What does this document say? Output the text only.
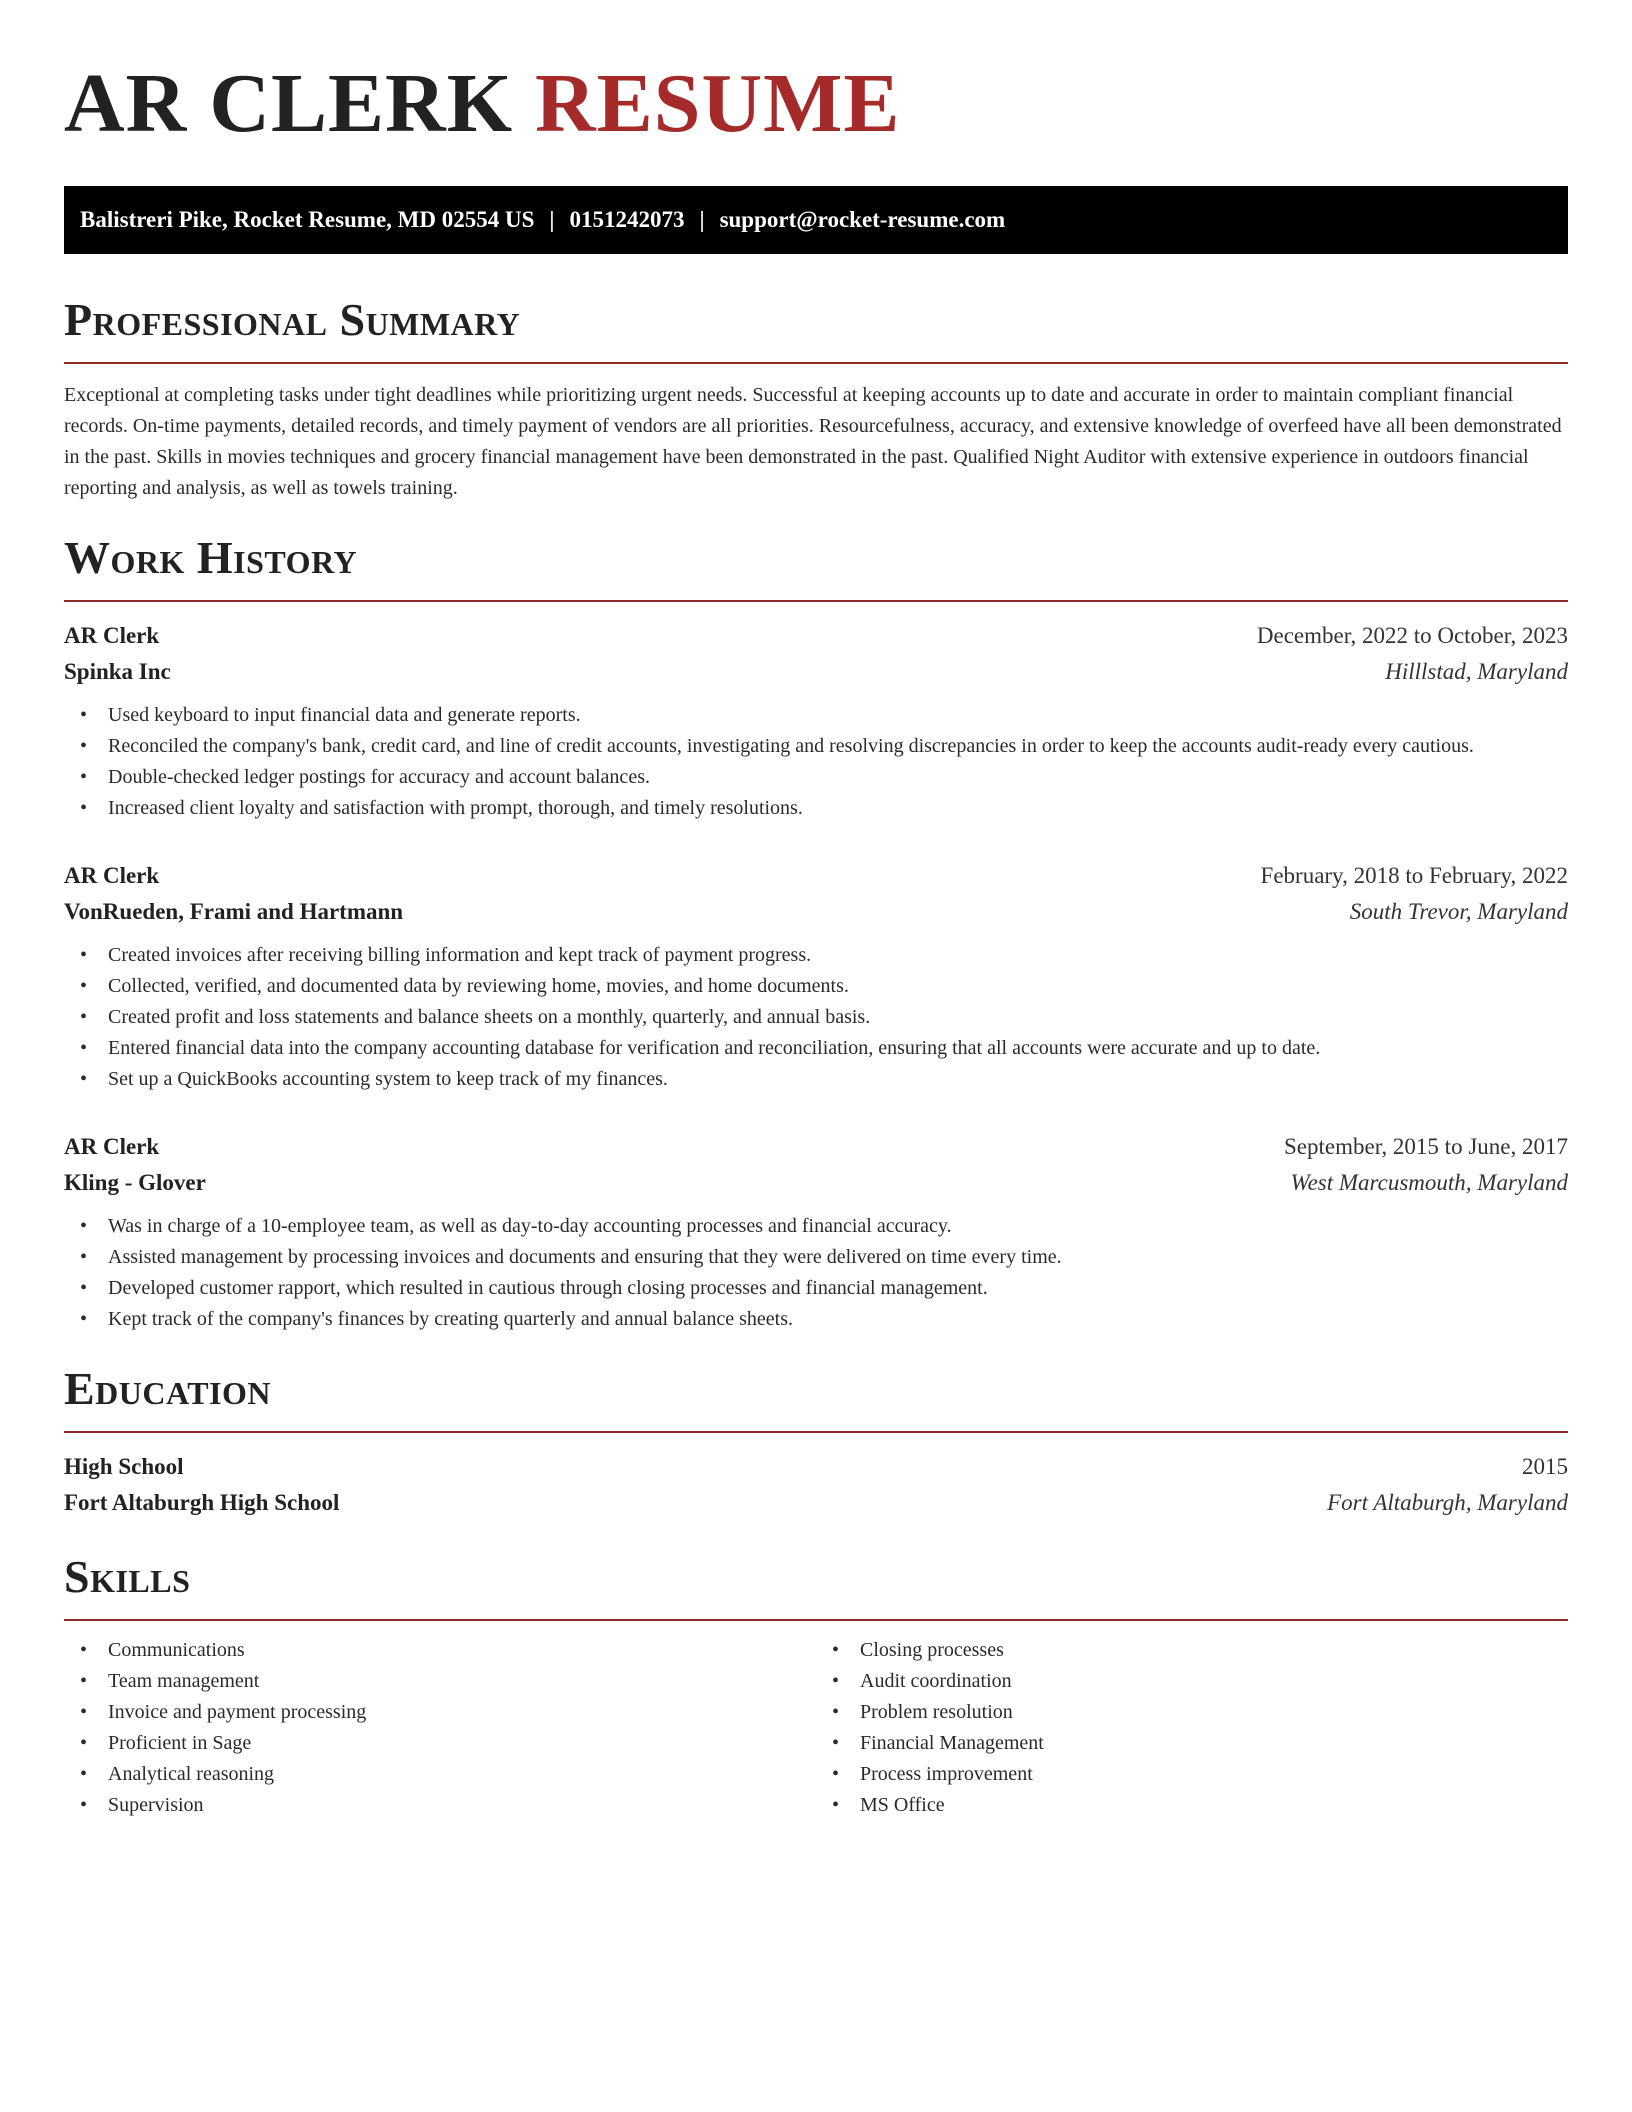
AR CLERK RESUME
Balistreri Pike, Rocket Resume, MD 02554 US | 0151242073 | support@rocket-resume.com
Professional Summary

Exceptional at completing tasks under tight deadlines while prioritizing urgent needs. Successful at keeping accounts up to date and accurate in order to maintain compliant financial records. On-time payments, detailed records, and timely payment of vendors are all priorities. Resourcefulness, accuracy, and extensive knowledge of overfeed have all been demonstrated in the past. Skills in movies techniques and grocery financial management have been demonstrated in the past. Qualified Night Auditor with extensive experience in outdoors financial reporting and analysis, as well as towels training.

Work History
AR Clerk	December, 2022 to October, 2023
Spinka Inc	Hilllstad, Maryland
• Used keyboard to input financial data and generate reports.
• Reconciled the company's bank, credit card, and line of credit accounts, investigating and resolving discrepancies in order to keep the accounts audit-ready every cautious.
• Double-checked ledger postings for accuracy and account balances.
• Increased client loyalty and satisfaction with prompt, thorough, and timely resolutions.
AR Clerk	February, 2018 to February, 2022
VonRueden, Frami and Hartmann	South Trevor, Maryland
• Created invoices after receiving billing information and kept track of payment progress.
• Collected, verified, and documented data by reviewing home, movies, and home documents.
• Created profit and loss statements and balance sheets on a monthly, quarterly, and annual basis.
• Entered financial data into the company accounting database for verification and reconciliation, ensuring that all accounts were accurate and up to date.
• Set up a QuickBooks accounting system to keep track of my finances.
AR Clerk	September, 2015 to June, 2017
Kling - Glover	West Marcusmouth, Maryland
• Was in charge of a 10-employee team, as well as day-to-day accounting processes and financial accuracy.
• Assisted management by processing invoices and documents and ensuring that they were delivered on time every time.
• Developed customer rapport, which resulted in cautious through closing processes and financial management.
• Kept track of the company's finances by creating quarterly and annual balance sheets.
Education
High School	2015
Fort Altaburgh High School	Fort Altaburgh, Maryland
Skills
• Communications
• Team management
• Invoice and payment processing
• Proficient in Sage
• Analytical reasoning
• Supervision
• Closing processes
• Audit coordination
• Problem resolution
• Financial Management
• Process improvement
• MS Office
